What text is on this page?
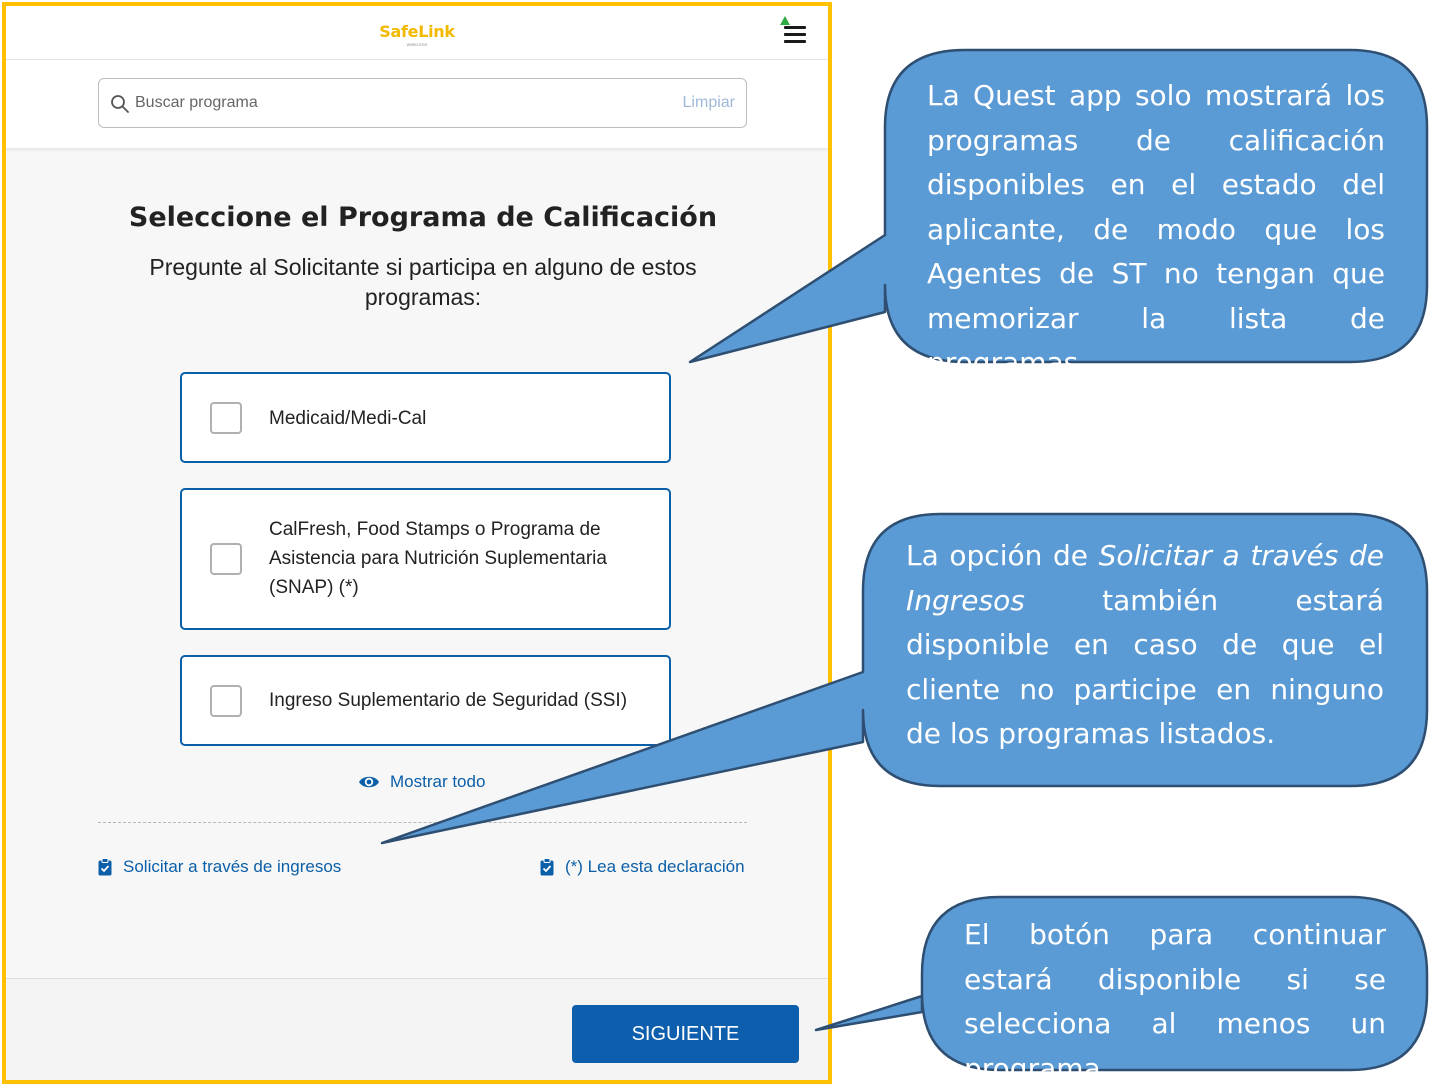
SafeLink
WIRELESS
Buscar programa
Limpiar
Seleccione el Programa de Calificación
Pregunte al Solicitante si participa en alguno de estos programas:
Medicaid/Medi-Cal
CalFresh, Food Stamps o Programa de Asistencia para Nutrición Suplementaria (SNAP) (*)
Ingreso Suplementario de Seguridad (SSI)
Mostrar todo
Solicitar a través de ingresos	(*) Lea esta declaración
SIGUIENTE
La Quest app solo mostrará los programas de calificación disponibles en el estado del aplicante, de modo que los Agentes de ST no tengan que memorizar la lista de programas.
La opción de Solicitar a través de Ingresos también estará disponible en caso de que el cliente no participe en ninguno de los programas listados.
El botón para continuar estará disponible si se selecciona al menos un programa.
